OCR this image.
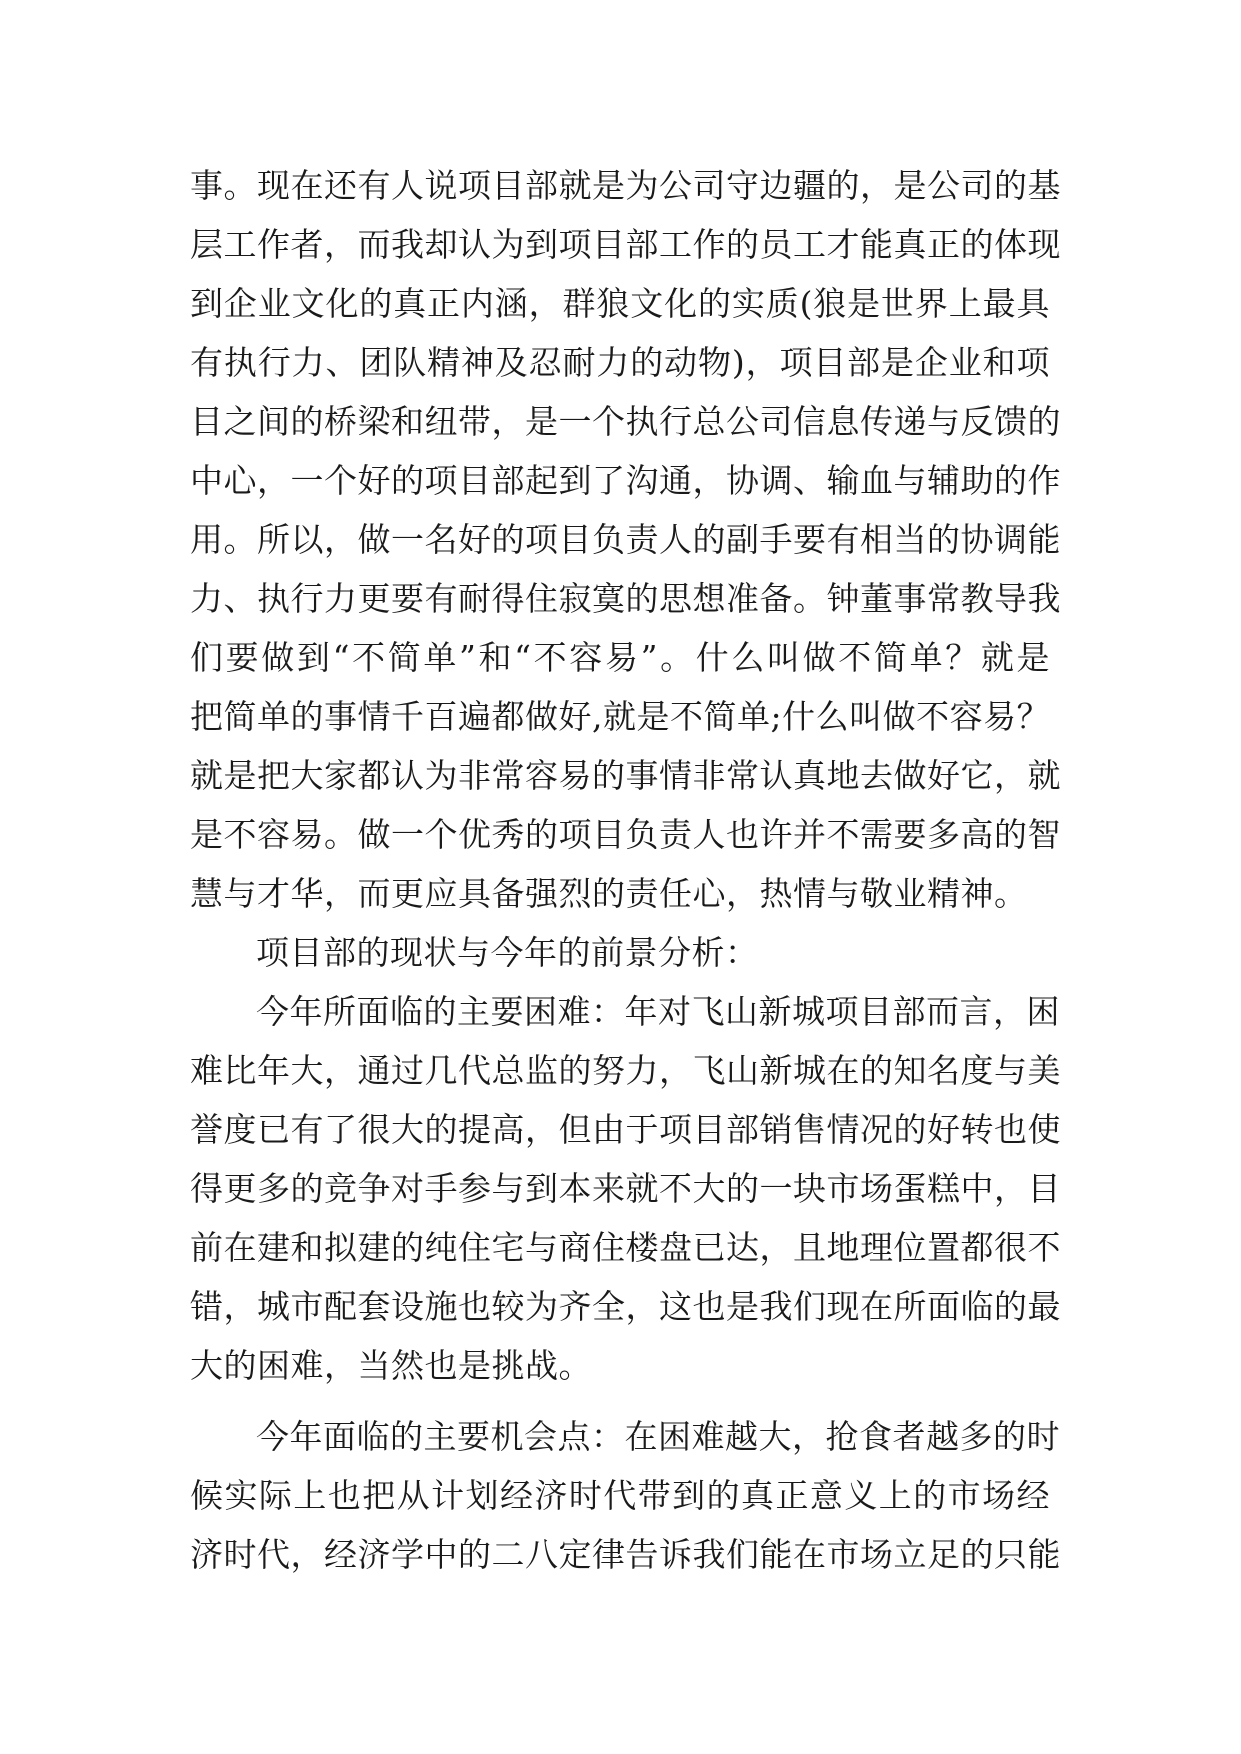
事。现在还有人说项目部就是为公司守边疆的，是公司的基
层工作者，而我却认为到项目部工作的员工才能真正的体现
到企业文化的真正内涵，群狼文化的实质(狼是世界上最具
有执行力、团队精神及忍耐力的动物)，项目部是企业和项
目之间的桥梁和纽带，是一个执行总公司信息传递与反馈的
中心，一个好的项目部起到了沟通，协调、输血与辅助的作
用。所以，做一名好的项目负责人的副手要有相当的协调能
力、执行力更要有耐得住寂寞的思想准备。钟董事常教导我
们要做到“不简单”和“不容易”。什么叫做不简单？就是
把简单的事情千百遍都做好,就是不简单;什么叫做不容易？
就是把大家都认为非常容易的事情非常认真地去做好它，就
是不容易。做一个优秀的项目负责人也许并不需要多高的智
慧与才华，而更应具备强烈的责任心，热情与敬业精神。
项目部的现状与今年的前景分析：
今年所面临的主要困难：年对飞山新城项目部而言，困
难比年大，通过几代总监的努力，飞山新城在的知名度与美
誉度已有了很大的提高，但由于项目部销售情况的好转也使
得更多的竞争对手参与到本来就不大的一块市场蛋糕中，目
前在建和拟建的纯住宅与商住楼盘已达，且地理位置都很不
错，城市配套设施也较为齐全，这也是我们现在所面临的最
大的困难，当然也是挑战。
今年面临的主要机会点：在困难越大，抢食者越多的时
候实际上也把从计划经济时代带到的真正意义上的市场经
济时代，经济学中的二八定律告诉我们能在市场立足的只能
